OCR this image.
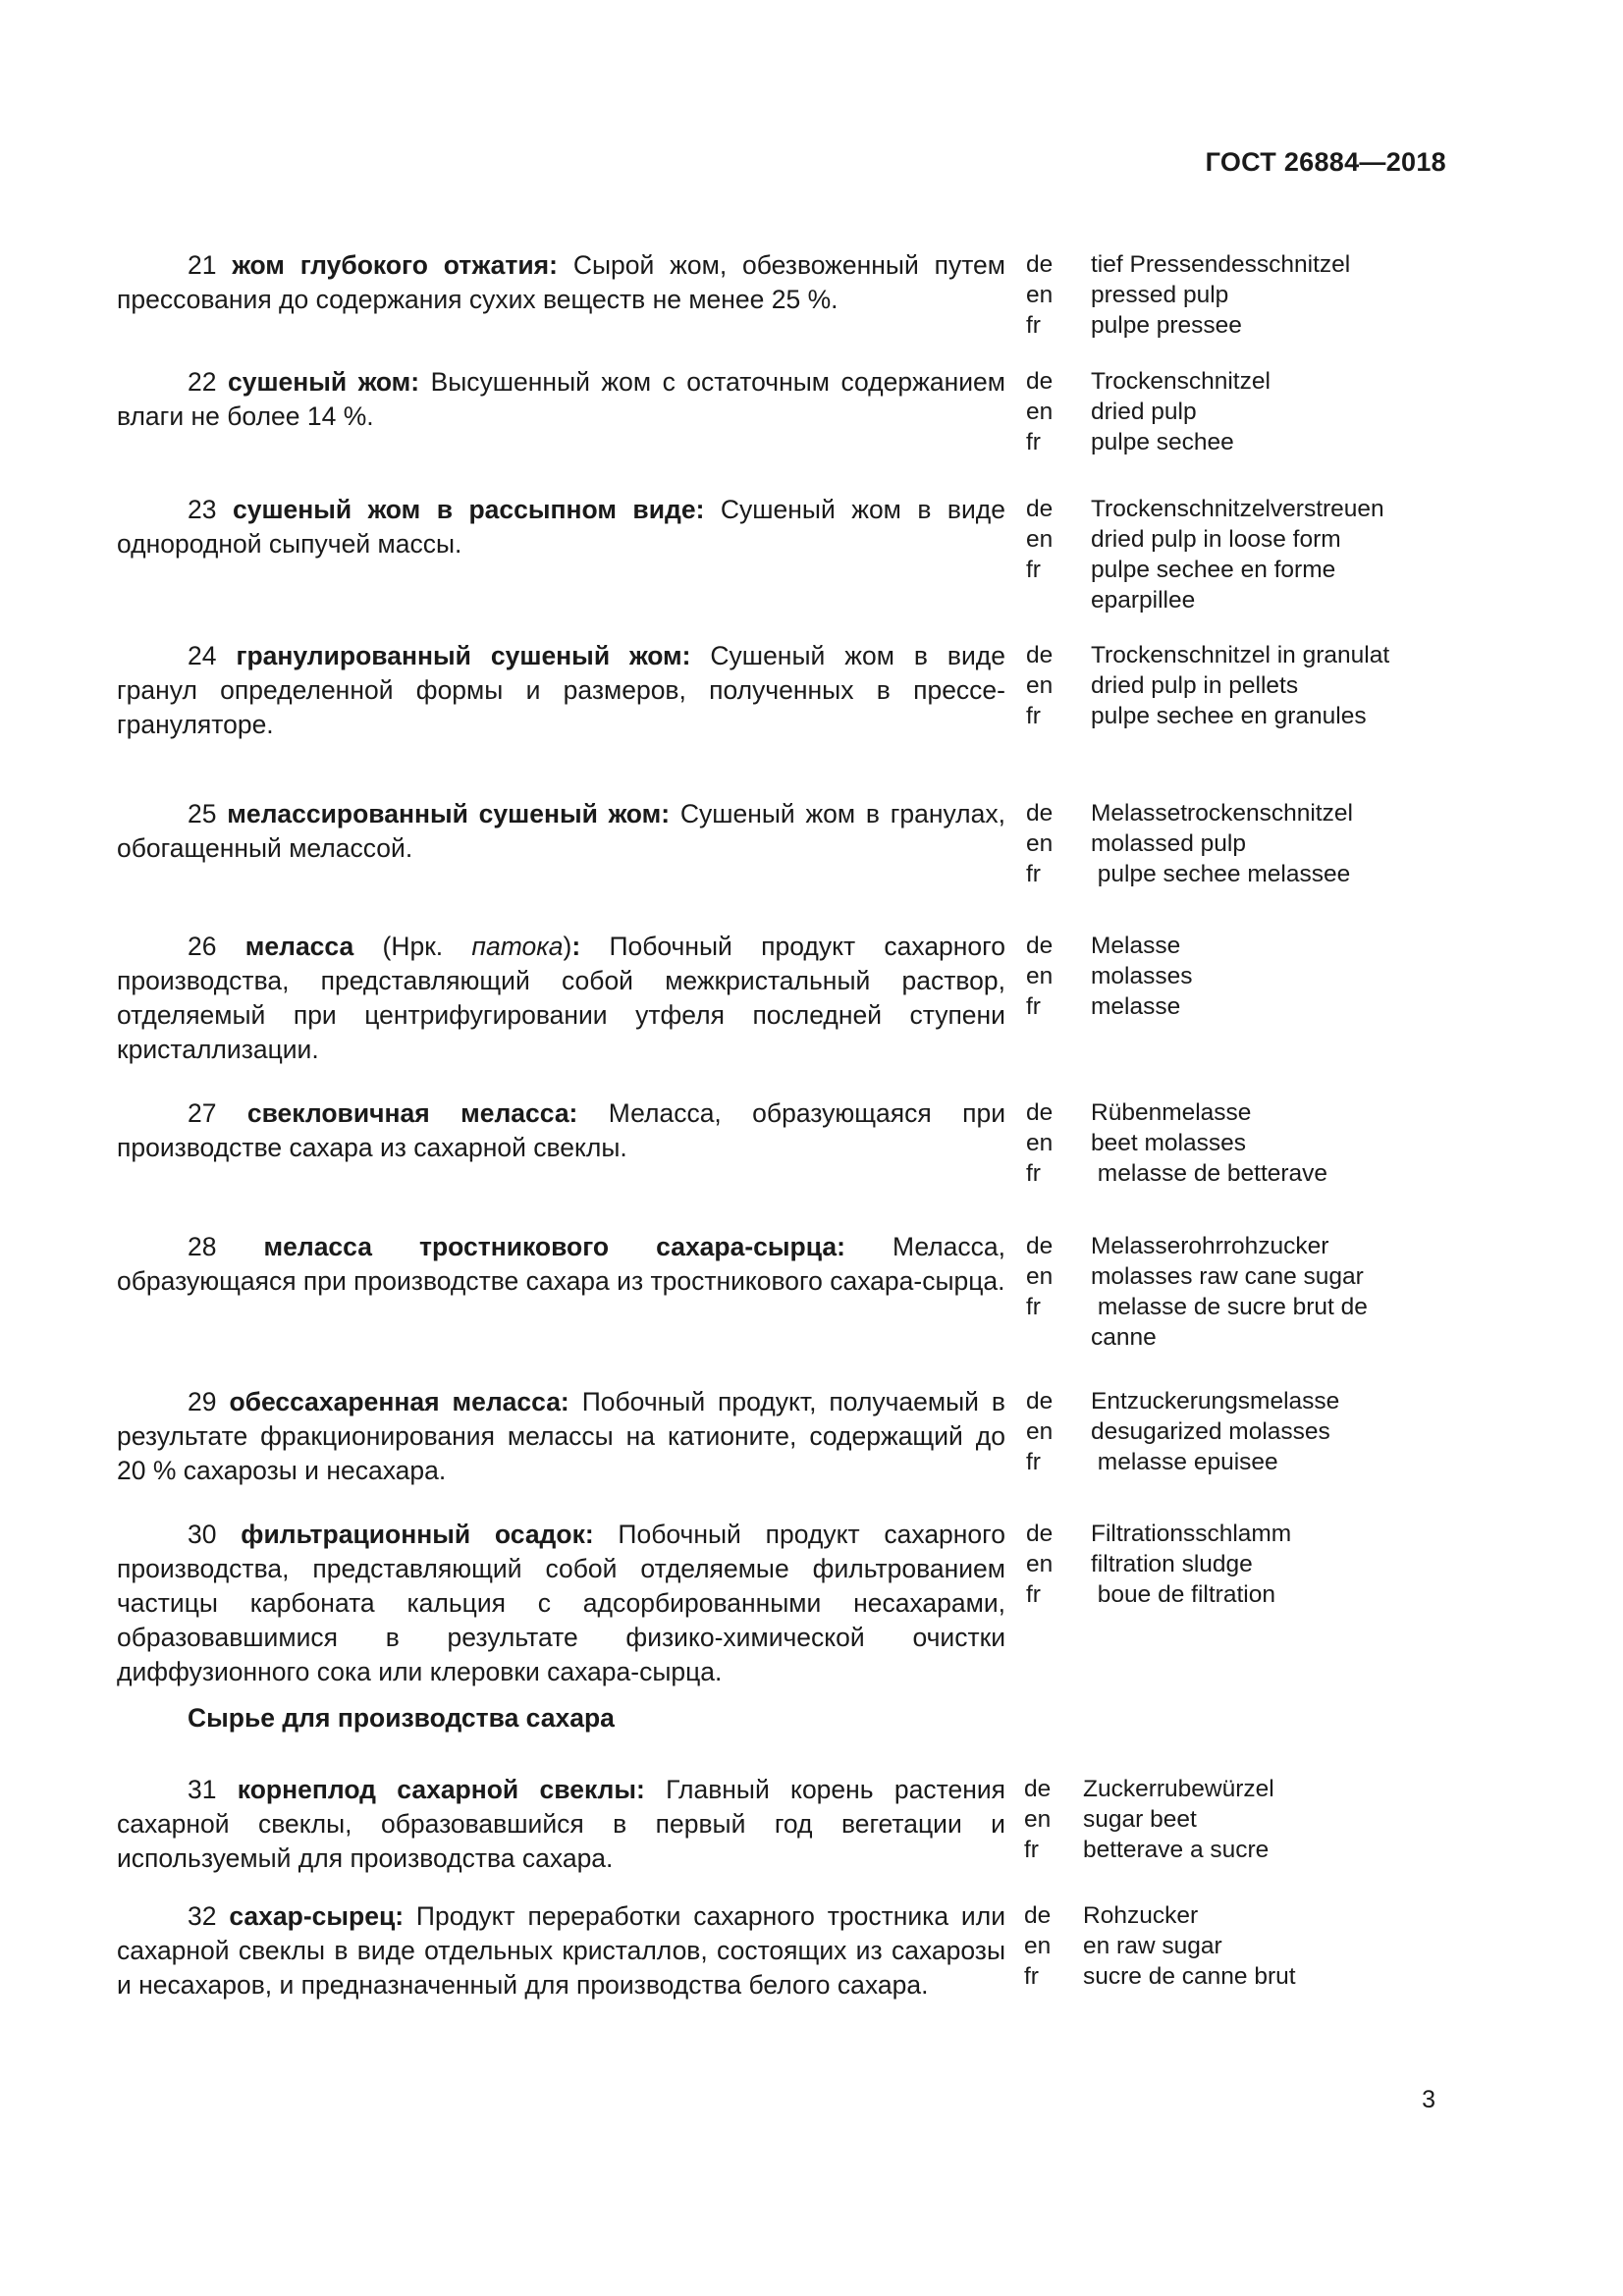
ГОСТ 26884—2018
21 жом глубокого отжатия: Сырой жом, обезвоженный путем прессования до содержания сухих веществ не менее 25 %.
de
en
fr
tief Pressendesschnitzel
pressed pulp
pulpe pressee
22 сушеный жом: Высушенный жом с остаточным содержанием влаги не более 14 %.
de
en
fr
Trockenschnitzel
dried pulp
pulpe sechee
23 сушеный жом в рассыпном виде: Сушеный жом в виде однородной сыпучей массы.
de
en
fr
Trockenschnitzelverstreuen
dried pulp in loose form
pulpe sechee en forme eparpillee
24 гранулированный сушеный жом: Сушеный жом в виде гранул определенной формы и размеров, полученных в прессе-грануляторе.
de
en
fr
Trockenschnitzel in granulat
dried pulp in pellets
pulpe sechee en granules
25 мелассированный сушеный жом: Сушеный жом в гранулах, обогащенный мелассой.
de
en
fr
Melassetrockenschnitzel
molassed pulp
pulpe sechee melassee
26 меласса (Нрк. патока): Побочный продукт сахарного производства, представляющий собой межкристальный раствор, отделяемый при центрифугировании утфеля последней ступени кристаллизации.
de
en
fr
Melasse
molasses
melasse
27 свекловичная меласса: Меласса, образующаяся при производстве сахара из сахарной свеклы.
de
en
fr
Rübenmelasse
beet molasses
melasse de betterave
28 меласса тростникового сахара-сырца: Меласса, образующаяся при производстве сахара из тростникового сахара-сырца.
de
en
fr
Melasserohrrohzucker
molasses raw cane sugar
melasse de sucre brut de canne
29 обессахаренная меласса: Побочный продукт, получаемый в результате фракционирования мелассы на катионите, содержащий до 20 % сахарозы и несахара.
de
en
fr
Entzuckerungsmelasse
desugarized molasses
melasse epuisee
30 фильтрационный осадок: Побочный продукт сахарного производства, представляющий собой отделяемые фильтрованием частицы карбоната кальция с адсорбированными несахарами, образовавшимися в результате физико-химической очистки диффузионного сока или клеровки сахара-сырца.
de
en
fr
Filtrationsschlamm
filtration sludge
boue de filtration
Сырье для производства сахара
31 корнеплод сахарной свеклы: Главный корень растения сахарной свеклы, образовавшийся в первый год вегетации и используемый для производства сахара.
de
en
fr
Zuckerrubewürzel
sugar beet
betterave a sucre
32 сахар-сырец: Продукт переработки сахарного тростника или сахарной свеклы в виде отдельных кристаллов, состоящих из сахарозы и несахаров, и предназначенный для производства белого сахара.
de
en
fr
Rohzucker
en raw sugar
sucre de canne brut
3
